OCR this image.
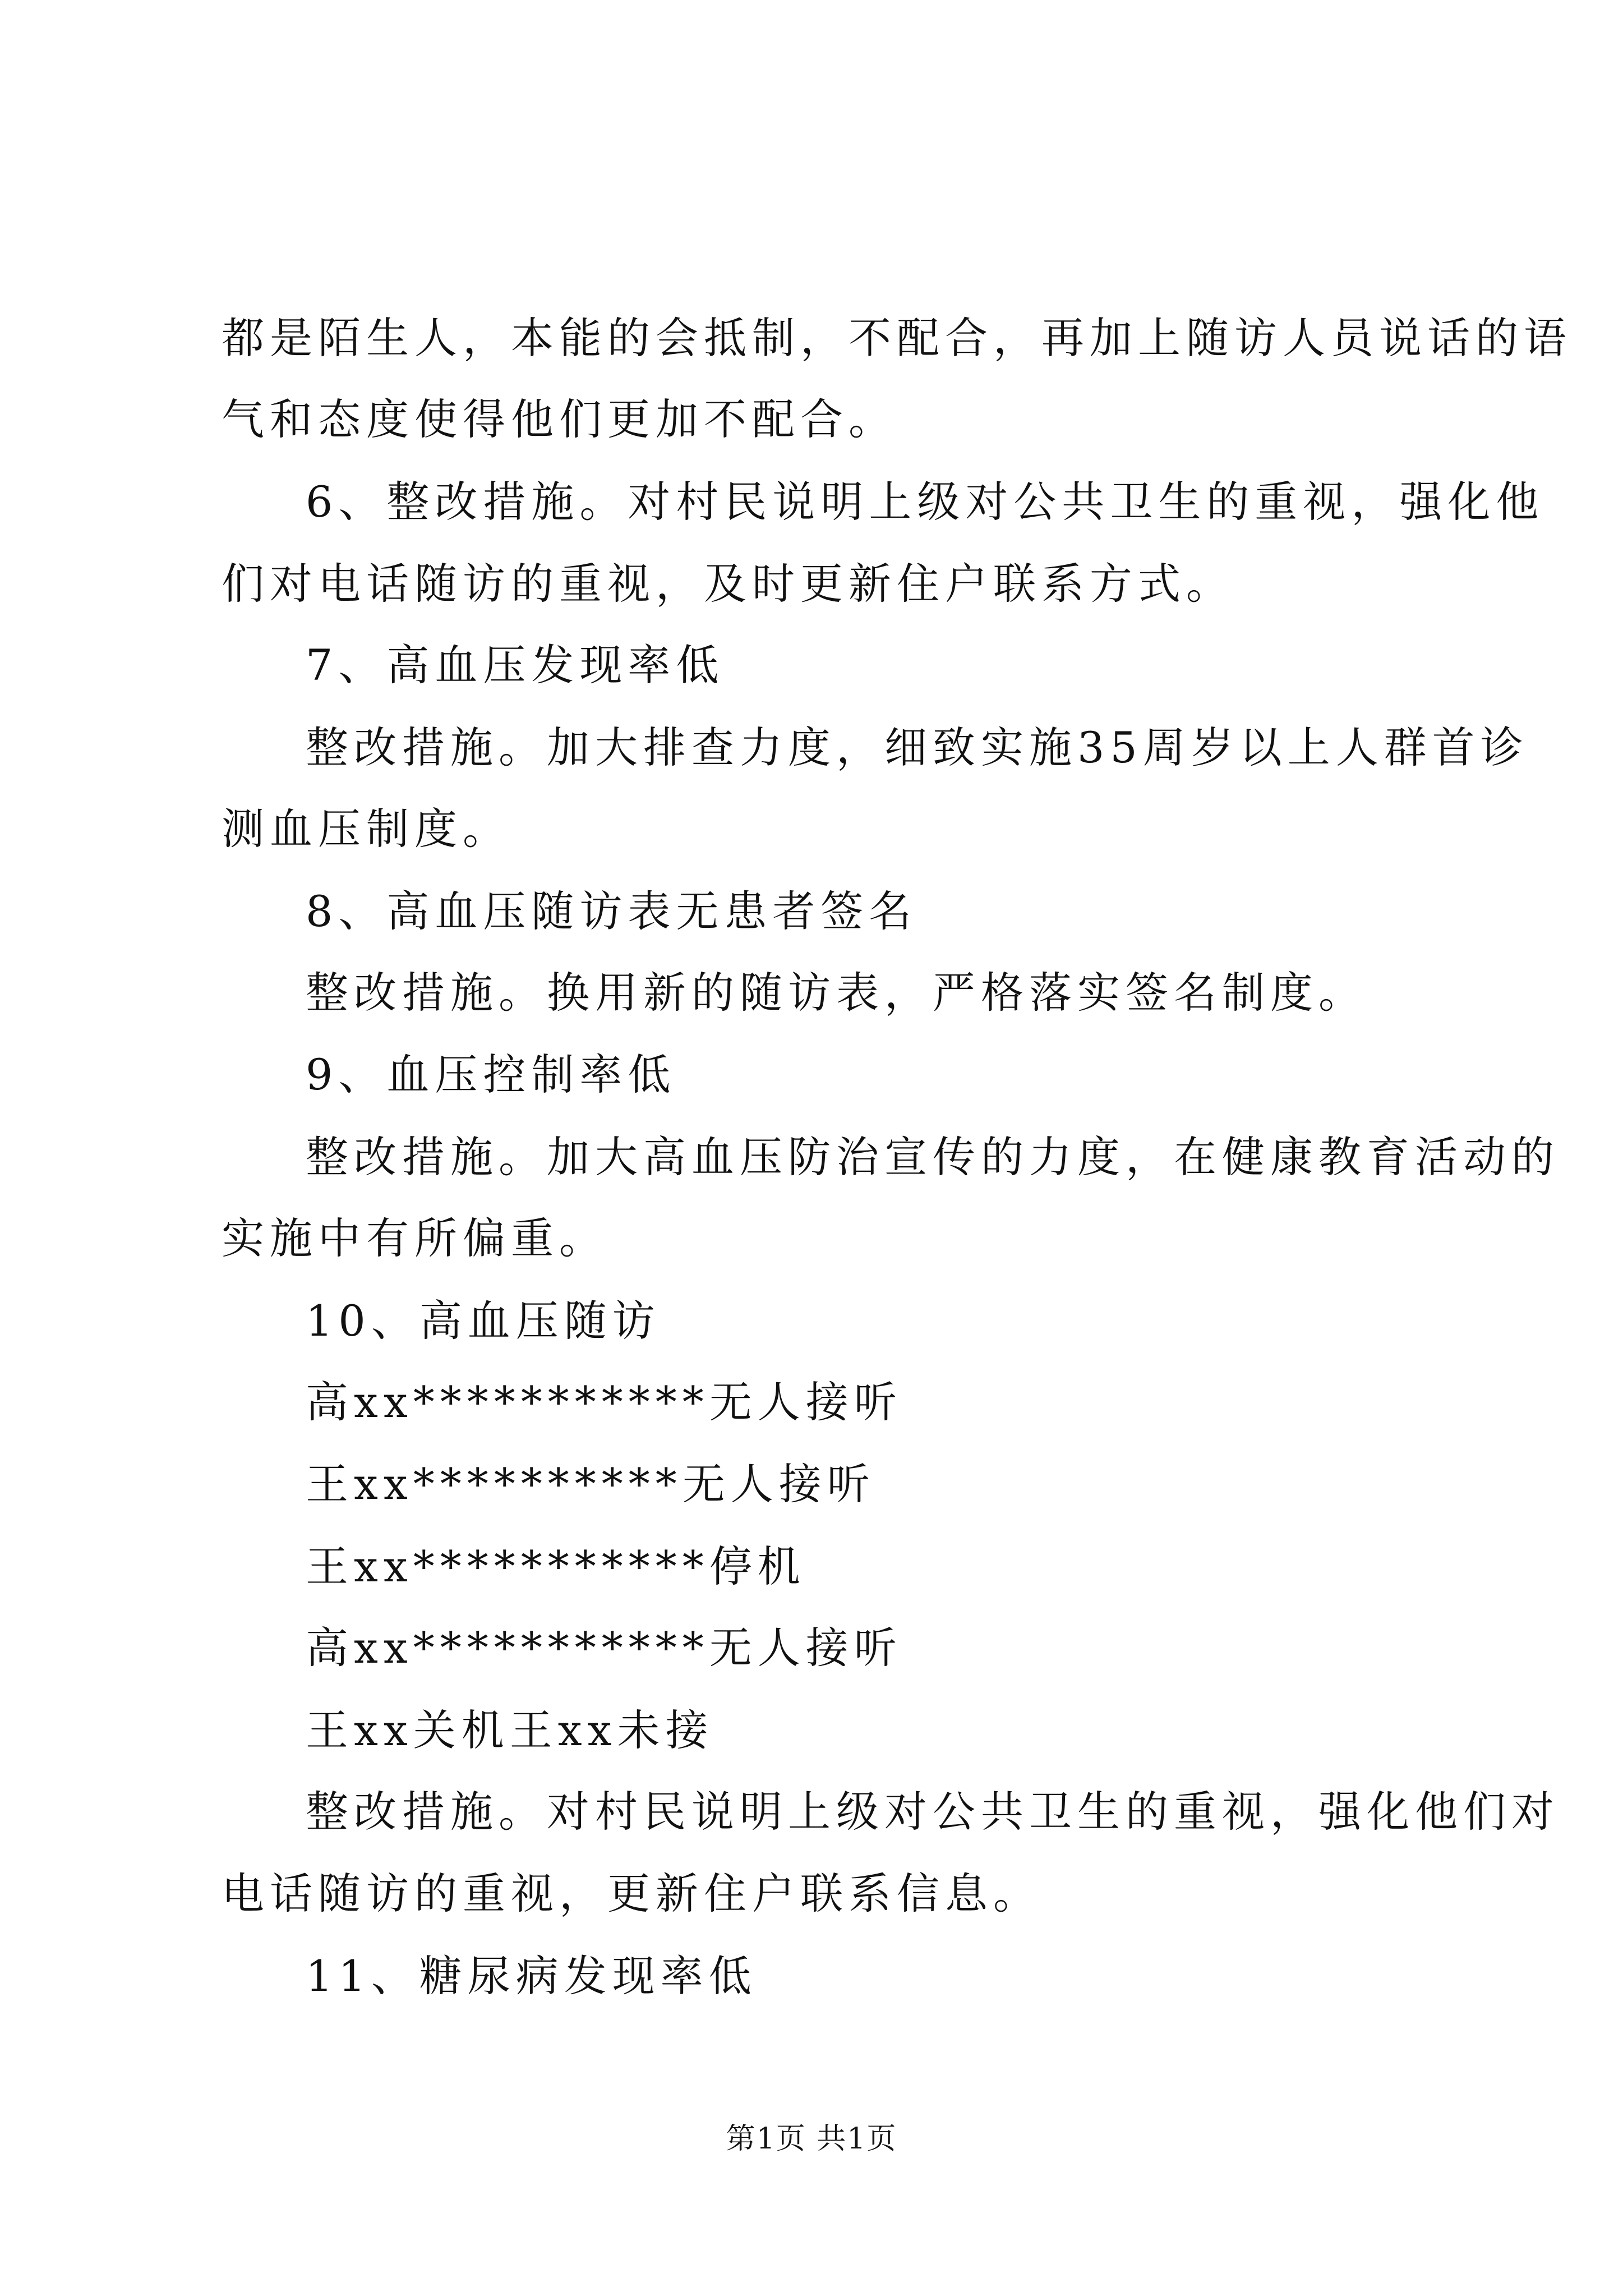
都是陌生人，本能的会抵制，不配合，再加上随访人员说话的语
气和态度使得他们更加不配合。
6、整改措施。对村民说明上级对公共卫生的重视，强化他
们对电话随访的重视，及时更新住户联系方式。
7、高血压发现率低
整改措施。加大排查力度，细致实施35周岁以上人群首诊
测血压制度。
8、高血压随访表无患者签名
整改措施。换用新的随访表，严格落实签名制度。
9、血压控制率低
整改措施。加大高血压防治宣传的力度，在健康教育活动的
实施中有所偏重。
10、高血压随访
高xx***********无人接听
王xx**********无人接听
王xx***********停机
高xx***********无人接听
王xx关机王xx未接
整改措施。对村民说明上级对公共卫生的重视，强化他们对
电话随访的重视，更新住户联系信息。
11、糖尿病发现率低
第1页 共1页
